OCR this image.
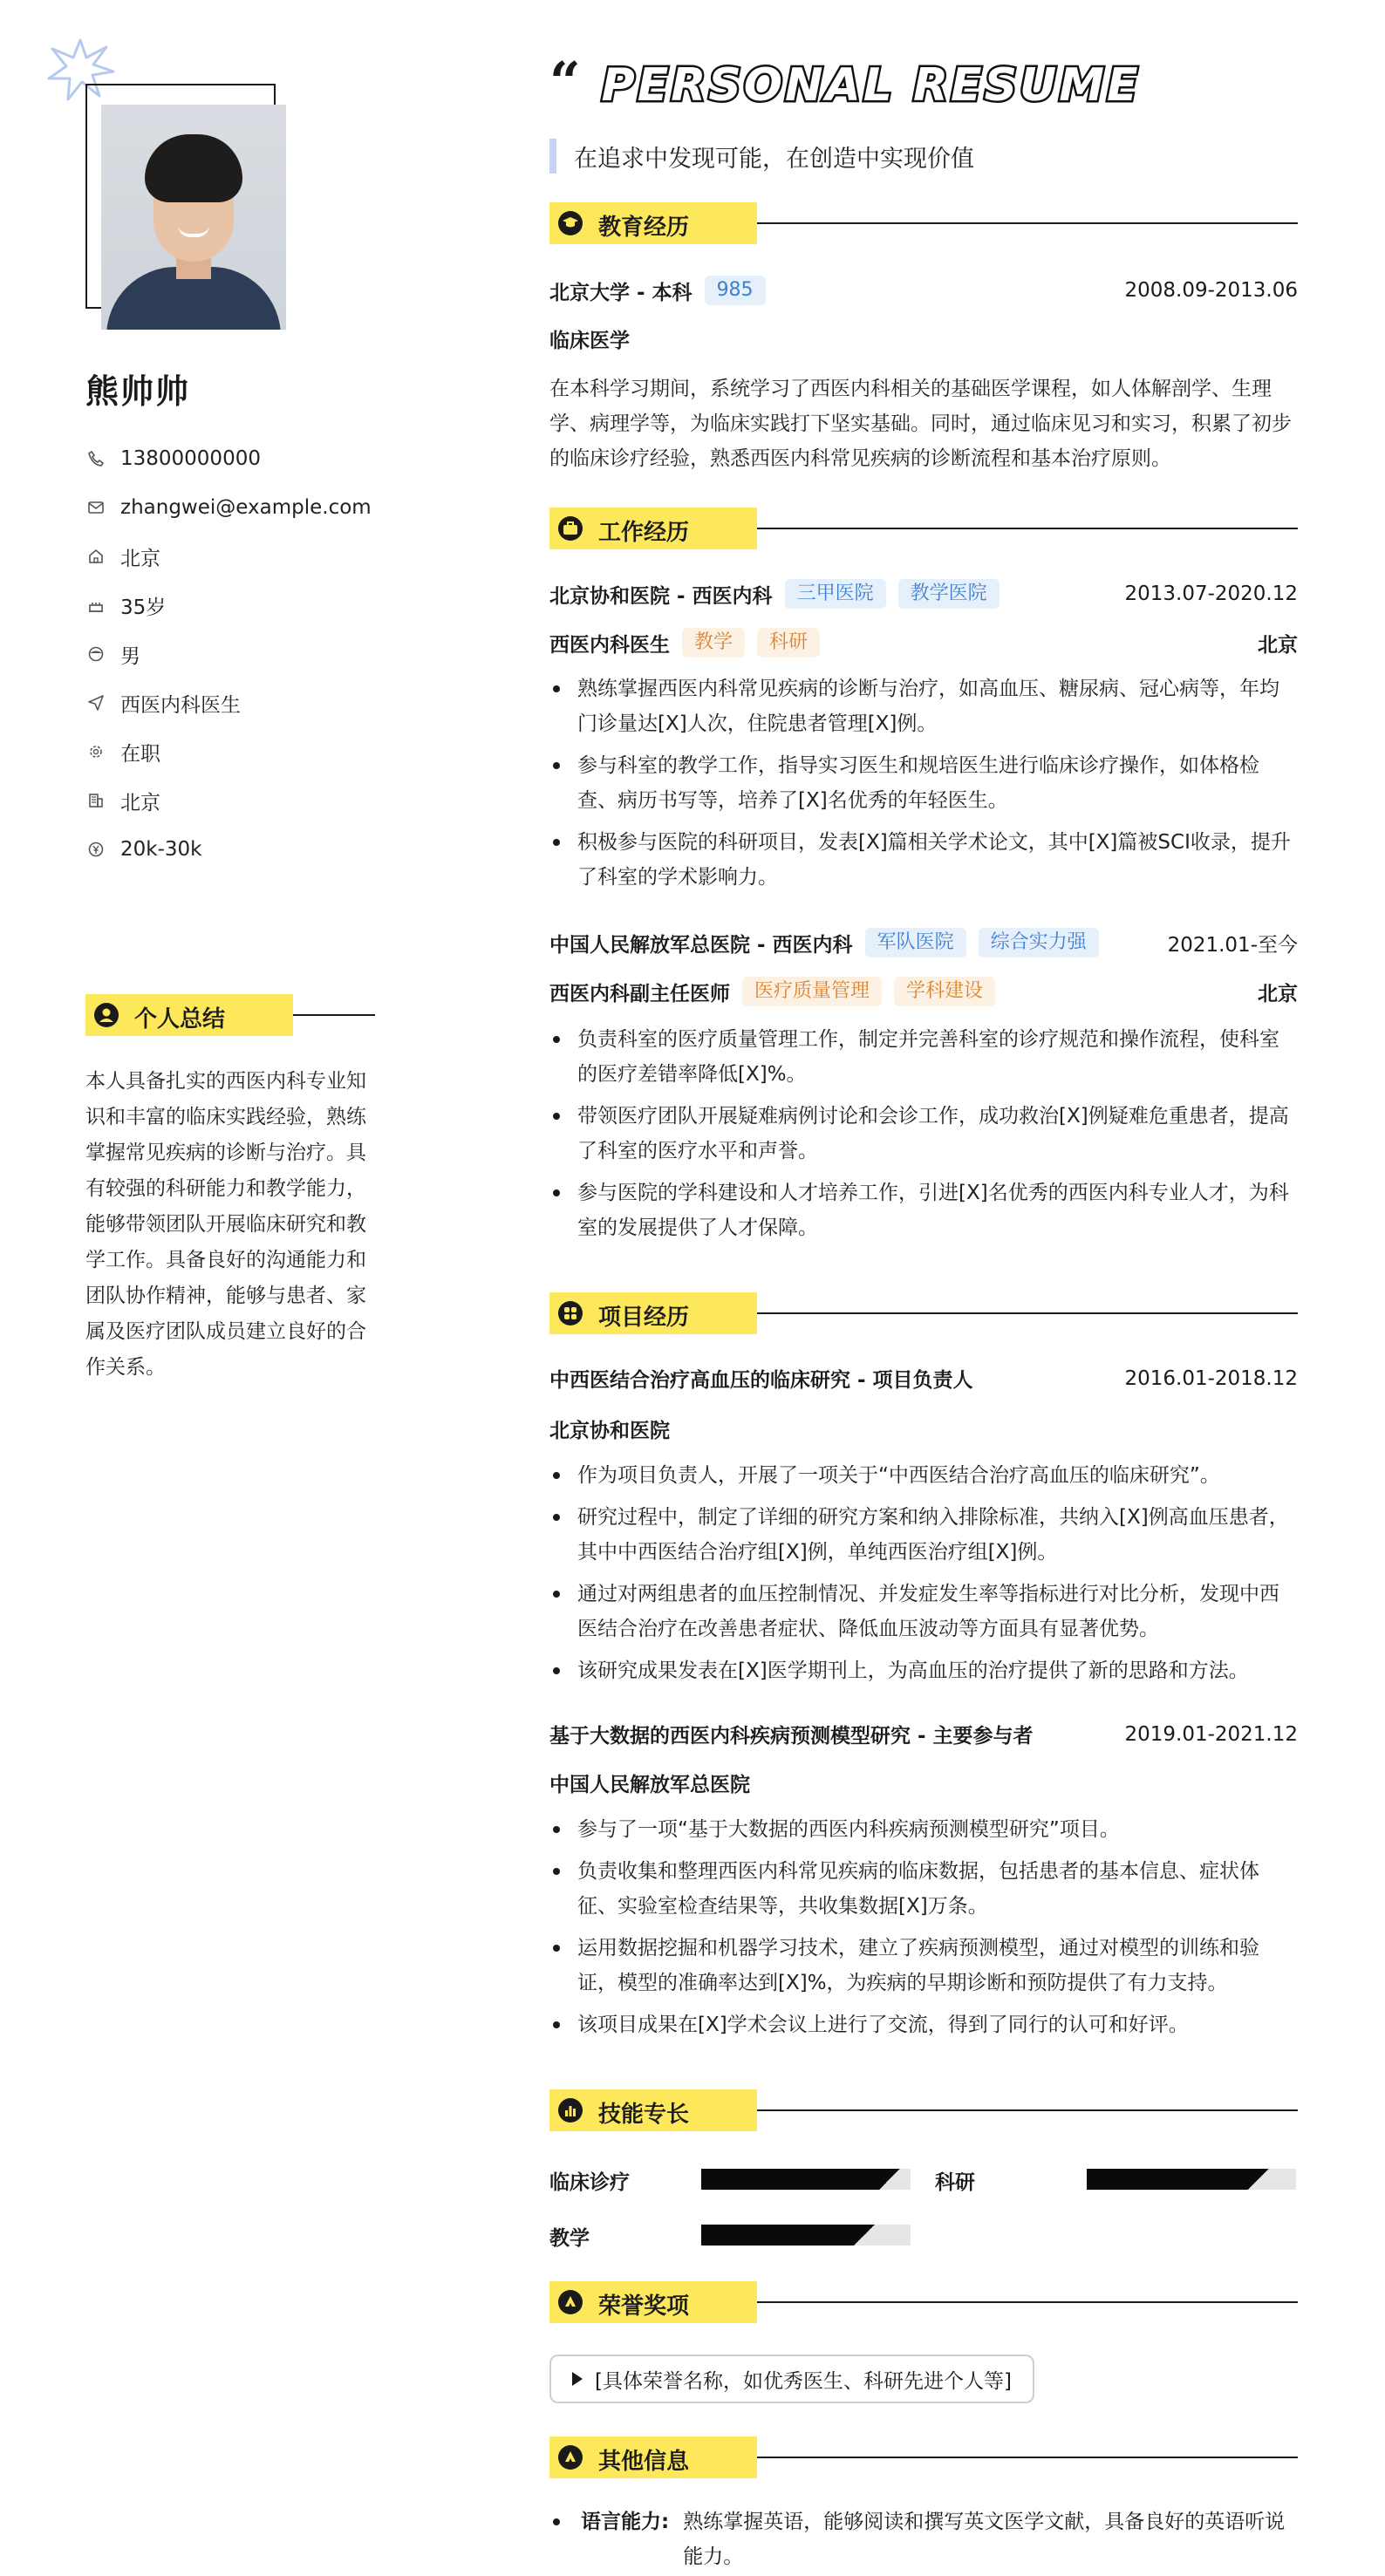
熊帅帅
13800000000
zhangwei@example.com
北京
35岁
男
西医内科医生
在职
北京
20k-30k
个人总结
本人具备扎实的西医内科专业知识和丰富的临床实践经验，熟练掌握常见疾病的诊断与治疗。具有较强的科研能力和教学能力，能够带领团队开展临床研究和教学工作。具备良好的沟通能力和团队协作精神，能够与患者、家属及医疗团队成员建立良好的合作关系。
“ PERSONAL RESUME
在追求中发现可能，在创造中实现价值
教育经历
北京大学 - 本科	985	2008.09-2013.06
临床医学
在本科学习期间，系统学习了西医内科相关的基础医学课程，如人体解剖学、生理学、病理学等，为临床实践打下坚实基础。同时，通过临床见习和实习，积累了初步的临床诊疗经验，熟悉西医内科常见疾病的诊断流程和基本治疗原则。
工作经历
北京协和医院 - 西医内科	三甲医院	教学医院	2013.07-2020.12
西医内科医生	教学	科研	北京
熟练掌握西医内科常见疾病的诊断与治疗，如高血压、糖尿病、冠心病等，年均门诊量达[X]人次，住院患者管理[X]例。
参与科室的教学工作，指导实习医生和规培医生进行临床诊疗操作，如体格检查、病历书写等，培养了[X]名优秀的年轻医生。
积极参与医院的科研项目，发表[X]篇相关学术论文，其中[X]篇被SCI收录，提升了科室的学术影响力。
中国人民解放军总医院 - 西医内科	军队医院	综合实力强	2021.01-至今
西医内科副主任医师	医疗质量管理	学科建设	北京
负责科室的医疗质量管理工作，制定并完善科室的诊疗规范和操作流程，使科室的医疗差错率降低[X]%。
带领医疗团队开展疑难病例讨论和会诊工作，成功救治[X]例疑难危重患者，提高了科室的医疗水平和声誉。
参与医院的学科建设和人才培养工作，引进[X]名优秀的西医内科专业人才，为科室的发展提供了人才保障。
项目经历
中西医结合治疗高血压的临床研究 - 项目负责人	2016.01-2018.12
北京协和医院
作为项目负责人，开展了一项关于“中西医结合治疗高血压的临床研究”。
研究过程中，制定了详细的研究方案和纳入排除标准，共纳入[X]例高血压患者，其中中西医结合治疗组[X]例，单纯西医治疗组[X]例。
通过对两组患者的血压控制情况、并发症发生率等指标进行对比分析，发现中西医结合治疗在改善患者症状、降低血压波动等方面具有显著优势。
该研究成果发表在[X]医学期刊上，为高血压的治疗提供了新的思路和方法。
基于大数据的西医内科疾病预测模型研究 - 主要参与者	2019.01-2021.12
中国人民解放军总医院
参与了一项“基于大数据的西医内科疾病预测模型研究”项目。
负责收集和整理西医内科常见疾病的临床数据，包括患者的基本信息、症状体征、实验室检查结果等，共收集数据[X]万条。
运用数据挖掘和机器学习技术，建立了疾病预测模型，通过对模型的训练和验证，模型的准确率达到[X]%，为疾病的早期诊断和预防提供了有力支持。
该项目成果在[X]学术会议上进行了交流，得到了同行的认可和好评。
技能专长
临床诊疗	科研
教学
荣誉奖项
[具体荣誉名称，如优秀医生、科研先进个人等]
其他信息
语言能力: 熟练掌握英语，能够阅读和撰写英文医学文献，具备良好的英语听说能力。
